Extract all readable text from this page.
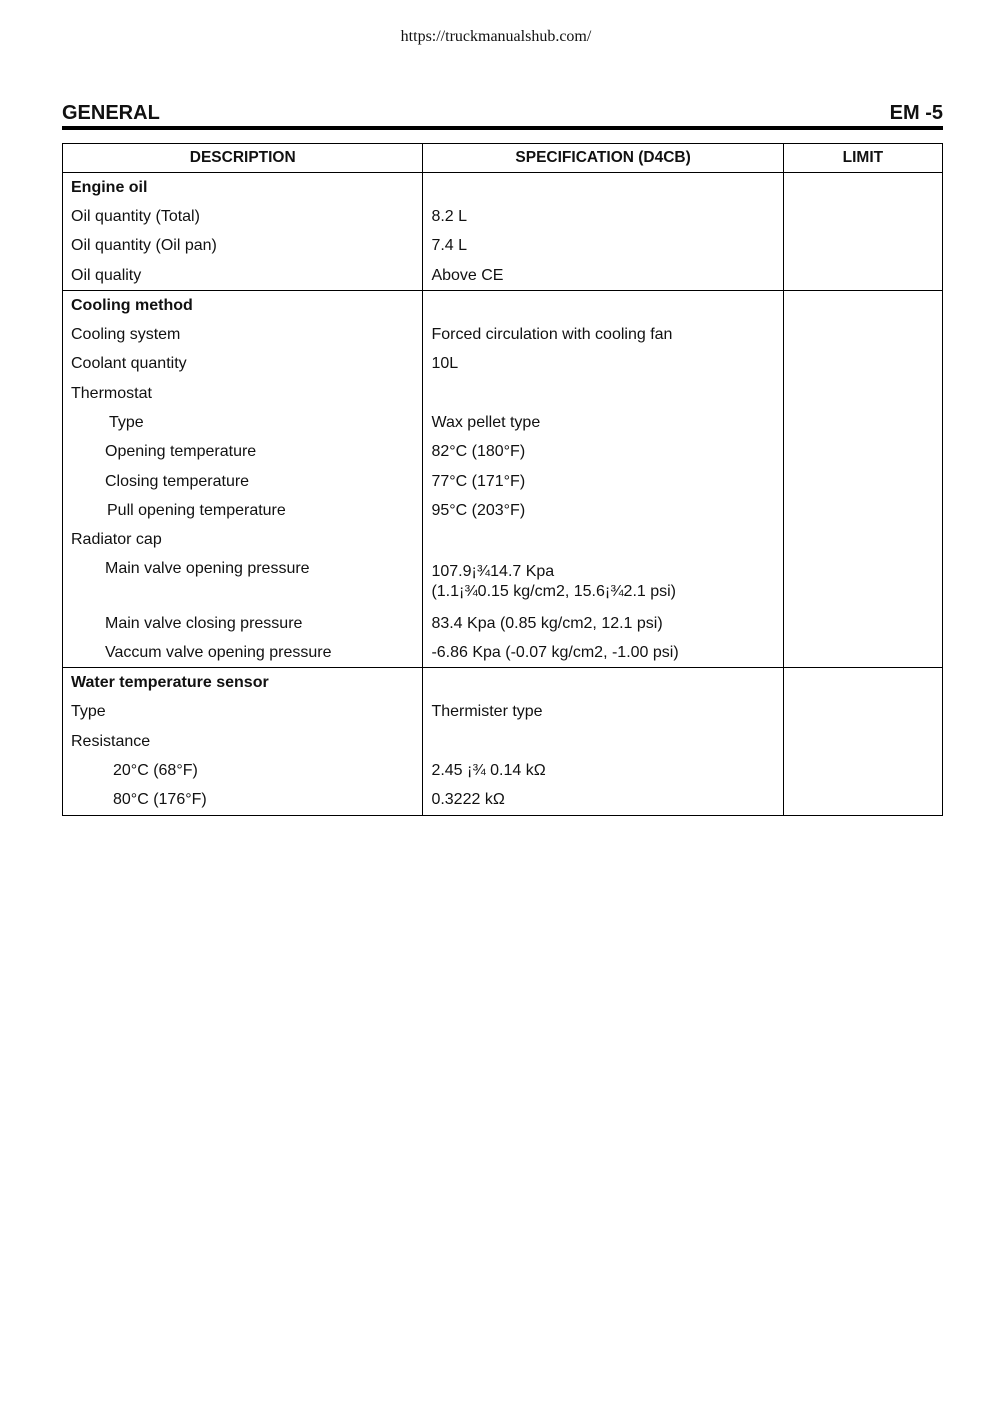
https://truckmanualshub.com/
GENERAL	EM -5
DESCRIPTION	SPECIFICATION (D4CB)	LIMIT
Engine oil		
Oil quantity (Total)	8.2 L	
Oil quantity (Oil pan)	7.4 L	
Oil quality	Above CE	
Cooling method		
Cooling system	Forced circulation with cooling fan	
Coolant quantity	10L	
Thermostat		
Type	Wax pellet type	
Opening temperature	82°C (180°F)	
Closing temperature	77°C (171°F)	
Pull opening temperature	95°C (203°F)	
Radiator cap		
Main valve opening pressure	107.9¡¾14.7 Kpa
(1.1¡¾0.15 kg/cm2, 15.6¡¾2.1 psi)	

Main valve closing pressure	83.4 Kpa (0.85 kg/cm2, 12.1 psi)	
Vaccum valve opening pressure	-6.86 Kpa (-0.07 kg/cm2, -1.00 psi)	
Water temperature sensor		
Type	Thermister type	
Resistance		
20°C (68°F)	2.45 ¡¾ 0.14 kΩ	
80°C (176°F)	0.3222 kΩ	
